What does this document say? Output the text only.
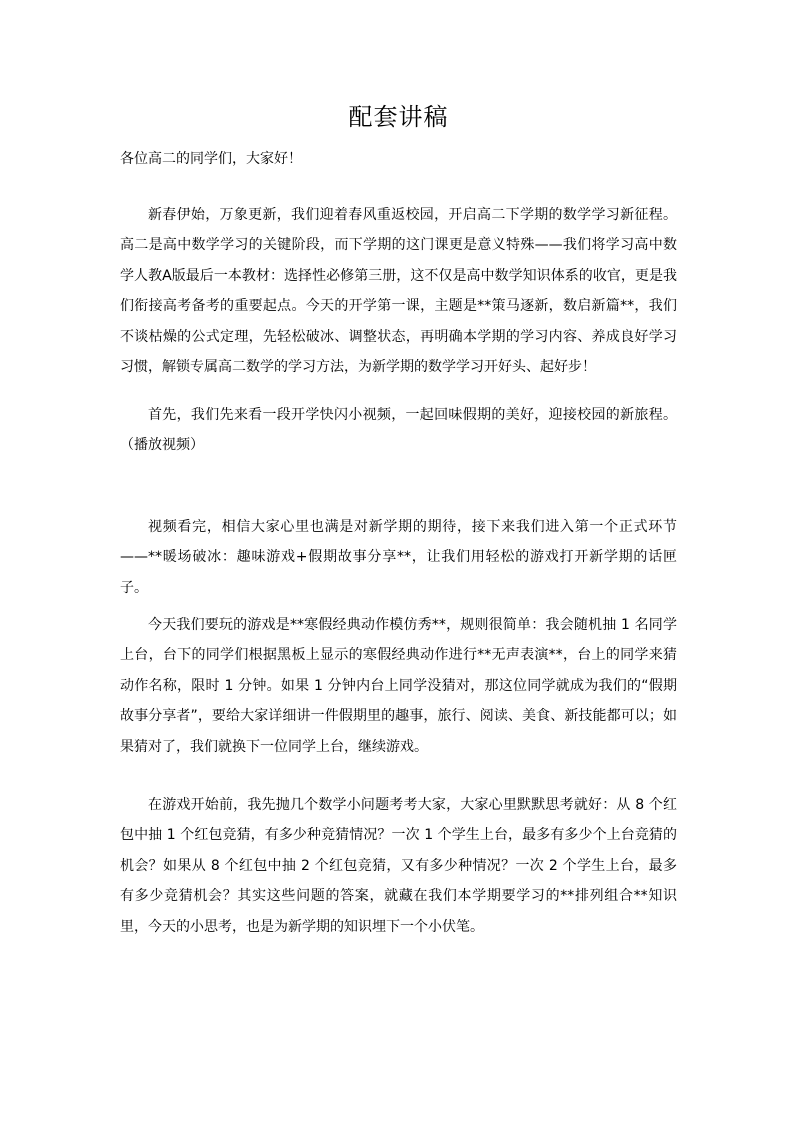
配套讲稿

各位高二的同学们，大家好！

新春伊始，万象更新，我们迎着春风重返校园，开启高二下学期的数学学习新征程。高二是高中数学学习的关键阶段，而下学期的这门课更是意义特殊——我们将学习高中数学人教A版最后一本教材：选择性必修第三册，这不仅是高中数学知识体系的收官，更是我们衔接高考备考的重要起点。今天的开学第一课，主题是**策马逐新，数启新篇**，我们不谈枯燥的公式定理，先轻松破冰、调整状态，再明确本学期的学习内容、养成良好学习习惯，解锁专属高二数学的学习方法，为新学期的数学学习开好头、起好步！

首先，我们先来看一段开学快闪小视频，一起回味假期的美好，迎接校园的新旅程。（播放视频）

视频看完，相信大家心里也满是对新学期的期待，接下来我们进入第一个正式环节——**暖场破冰：趣味游戏+假期故事分享**，让我们用轻松的游戏打开新学期的话匣子。

今天我们要玩的游戏是**寒假经典动作模仿秀**，规则很简单：我会随机抽 1 名同学上台，台下的同学们根据黑板上显示的寒假经典动作进行**无声表演**，台上的同学来猜动作名称，限时 1 分钟。如果 1 分钟内台上同学没猜对，那这位同学就成为我们的“假期故事分享者”，要给大家详细讲一件假期里的趣事，旅行、阅读、美食、新技能都可以；如果猜对了，我们就换下一位同学上台，继续游戏。

在游戏开始前，我先抛几个数学小问题考考大家，大家心里默默思考就好：从 8 个红包中抽 1 个红包竞猜，有多少种竞猜情况？一次 1 个学生上台，最多有多少个上台竞猜的机会？如果从 8 个红包中抽 2 个红包竞猜，又有多少种情况？一次 2 个学生上台，最多有多少竞猜机会？其实这些问题的答案，就藏在我们本学期要学习的**排列组合**知识里，今天的小思考，也是为新学期的知识埋下一个小伏笔。
